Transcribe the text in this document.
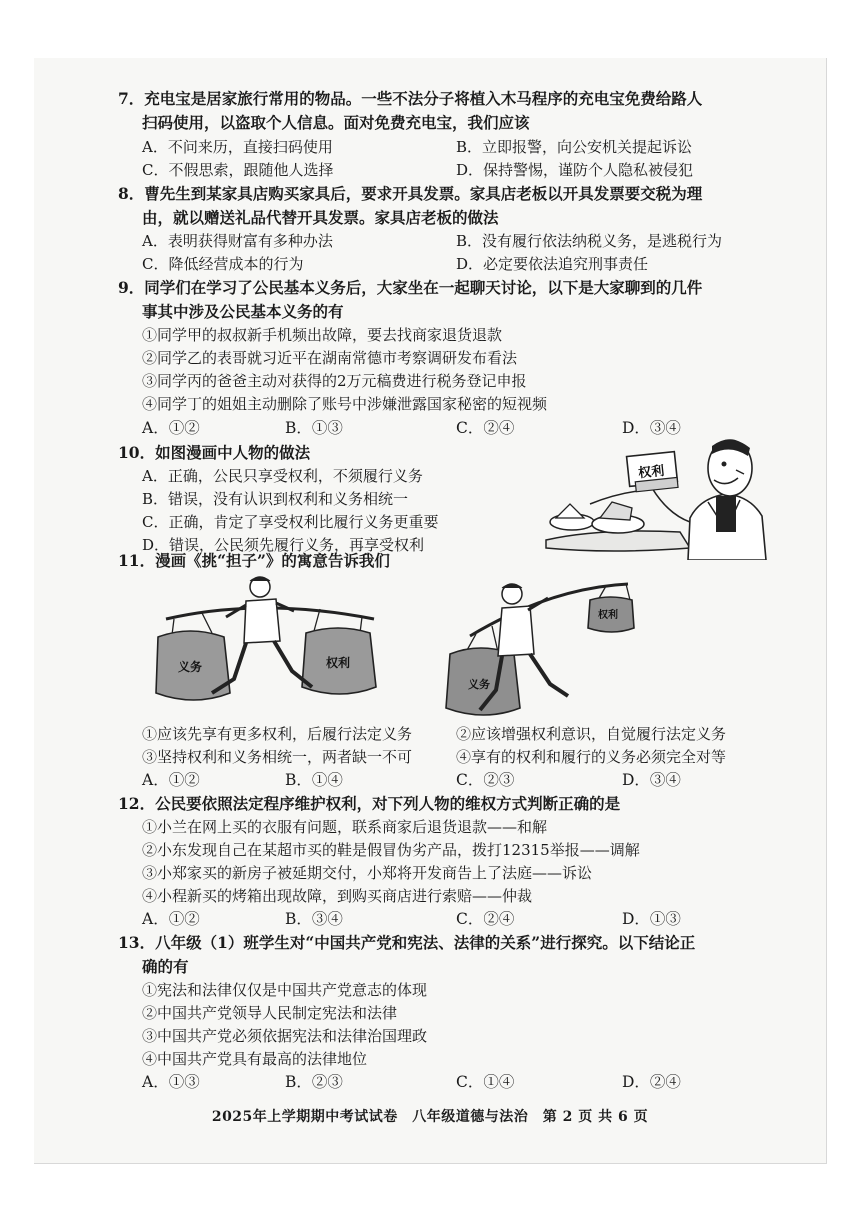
7．充电宝是居家旅行常用的物品。一些不法分子将植入木马程序的充电宝免费给路人
扫码使用，以盗取个人信息。面对免费充电宝，我们应该
A．不问来历，直接扫码使用	B．立即报警，向公安机关提起诉讼
C．不假思索，跟随他人选择	D．保持警惕，谨防个人隐私被侵犯
8．曹先生到某家具店购买家具后，要求开具发票。家具店老板以开具发票要交税为理
由，就以赠送礼品代替开具发票。家具店老板的做法
A．表明获得财富有多种办法	B．没有履行依法纳税义务，是逃税行为
C．降低经营成本的行为	D．必定要依法追究刑事责任
9．同学们在学习了公民基本义务后，大家坐在一起聊天讨论，以下是大家聊到的几件
事其中涉及公民基本义务的有
①同学甲的叔叔新手机频出故障，要去找商家退货退款
②同学乙的表哥就习近平在湖南常德市考察调研发布看法
③同学丙的爸爸主动对获得的2万元稿费进行税务登记申报
④同学丁的姐姐主动删除了账号中涉嫌泄露国家秘密的短视频
A．①②	B．①③	C．②④	D．③④
10．如图漫画中人物的做法
A．正确，公民只享受权利，不须履行义务
B．错误，没有认识到权利和义务相统一
C．正确，肯定了享受权利比履行义务更重要
D．错误，公民须先履行义务，再享受权利
权利
11．漫画《挑“担子”》的寓意告诉我们
义务	权利
义务
权利
①应该先享有更多权利，后履行法定义务	②应该增强权利意识，自觉履行法定义务
③坚持权利和义务相统一，两者缺一不可	④享有的权利和履行的义务必须完全对等
A．①②	B．①④	C．②③	D．③④
12．公民要依照法定程序维护权利，对下列人物的维权方式判断正确的是
①小兰在网上买的衣服有问题，联系商家后退货退款——和解
②小东发现自己在某超市买的鞋是假冒伪劣产品，拨打12315举报——调解
③小郑家买的新房子被延期交付，小郑将开发商告上了法庭——诉讼
④小程新买的烤箱出现故障，到购买商店进行索赔——仲裁
A．①②	B．③④	C．②④	D．①③
13．八年级（1）班学生对“中国共产党和宪法、法律的关系”进行探究。以下结论正
确的有
①宪法和法律仅仅是中国共产党意志的体现
②中国共产党领导人民制定宪法和法律
③中国共产党必须依据宪法和法律治国理政
④中国共产党具有最高的法律地位
A．①③	B．②③	C．①④	D．②④
2025年上学期期中考试试卷　八年级道德与法治　第 2 页 共 6 页
